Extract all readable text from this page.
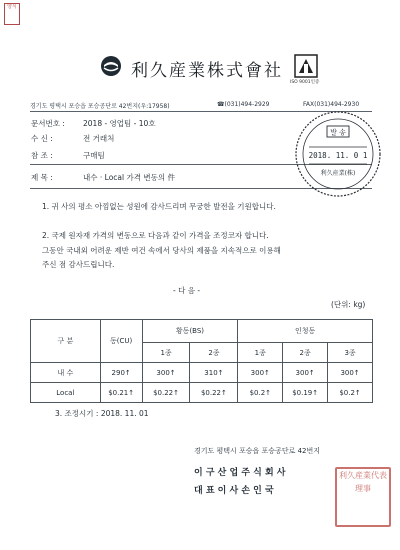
양식
利久産業株式會社
ISO 9001인증
경기도 평택시 포승읍 포승공단로 42번지(우:17958)	☎(031)494-2929	FAX(031)494-2930
문서번호 : 2018 - 영업팀 - 10호
수 신 :	전 거래처
참 조 :	구매팀
제 목 :	내수 · Local 가격 변동의 件
발 송
2018. 11. 0 1
利久産業(株)
1. 귀 사의 평소 아낌없는 성원에 감사드리며 무궁한 발전을 기원합니다.
2. 국제 원자재 가격의 변동으로 다음과 같이 가격을 조정코자 합니다.
그동안 국내외 어려운 제반 여건 속에서 당사의 제품을 지속적으로 이용해
주신 점 감사드립니다.
- 다 음 -
(단위: kg)
구 분	동(CU)	황동(BS)		인청동		
		1종	2종	1종	2종	3종
내 수	290↑	300↑	310↑	300↑	300↑	300↑
Local	$0.21↑	$0.22↑	$0.22↑	$0.2↑	$0.19↑	$0.2↑
3. 조정시기 : 2018. 11. 01
경기도 평택시 포승읍 포승공단로 42번지
이 구 산 업 주 식 회 사
대 표 이 사 손 인 국
利久産業代表理事
